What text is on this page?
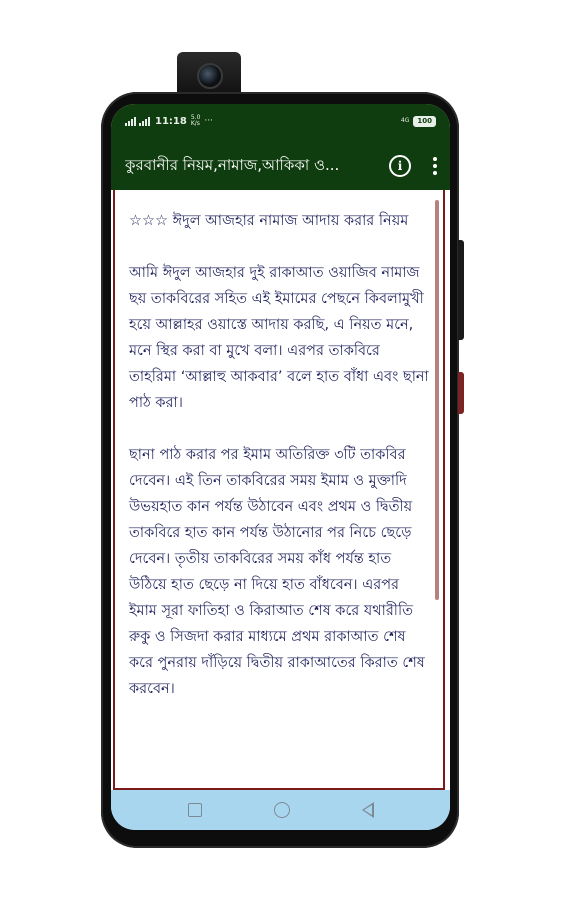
11:18 5.0
K/s ···	4G	100
কুরবানীর নিয়ম,নামাজ,আকিকা ও...	i

☆☆☆ ঈদুল আজহার নামাজ আদায় করার নিয়ম

আমি ঈদুল আজহার দুই রাকাআত ওয়াজিব নামাজ ছয় তাকবিরের সহিত এই ইমামের পেছনে কিবলামুখী হয়ে আল্লাহর ওয়াস্তে আদায় করছি, এ নিয়ত মনে, মনে স্থির করা বা মুখে বলা। এরপর তাকবিরে তাহরিমা ‘আল্লাহু আকবার’ বলে হাত বাঁধা এবং ছানা পাঠ করা।

ছানা পাঠ করার পর ইমাম অতিরিক্ত ৩টি তাকবির দেবেন। এই তিন তাকবিরের সময় ইমাম ও মুক্তাদি উভয়হাত কান পর্যন্ত উঠাবেন এবং প্রথম ও দ্বিতীয় তাকবিরে হাত কান পর্যন্ত উঠানোর পর নিচে ছেড়ে দেবেন। তৃতীয় তাকবিরের সময় কাঁধ পর্যন্ত হাত উঠিয়ে হাত ছেড়ে না দিয়ে হাত বাঁধবেন। এরপর ইমাম সূরা ফাতিহা ও কিরাআত শেষ করে যথারীতি রুকু ও সিজদা করার মাধ্যমে প্রথম রাকাআত শেষ করে পুনরায় দাঁড়িয়ে দ্বিতীয় রাকাআতের কিরাত শেষ করবেন।
